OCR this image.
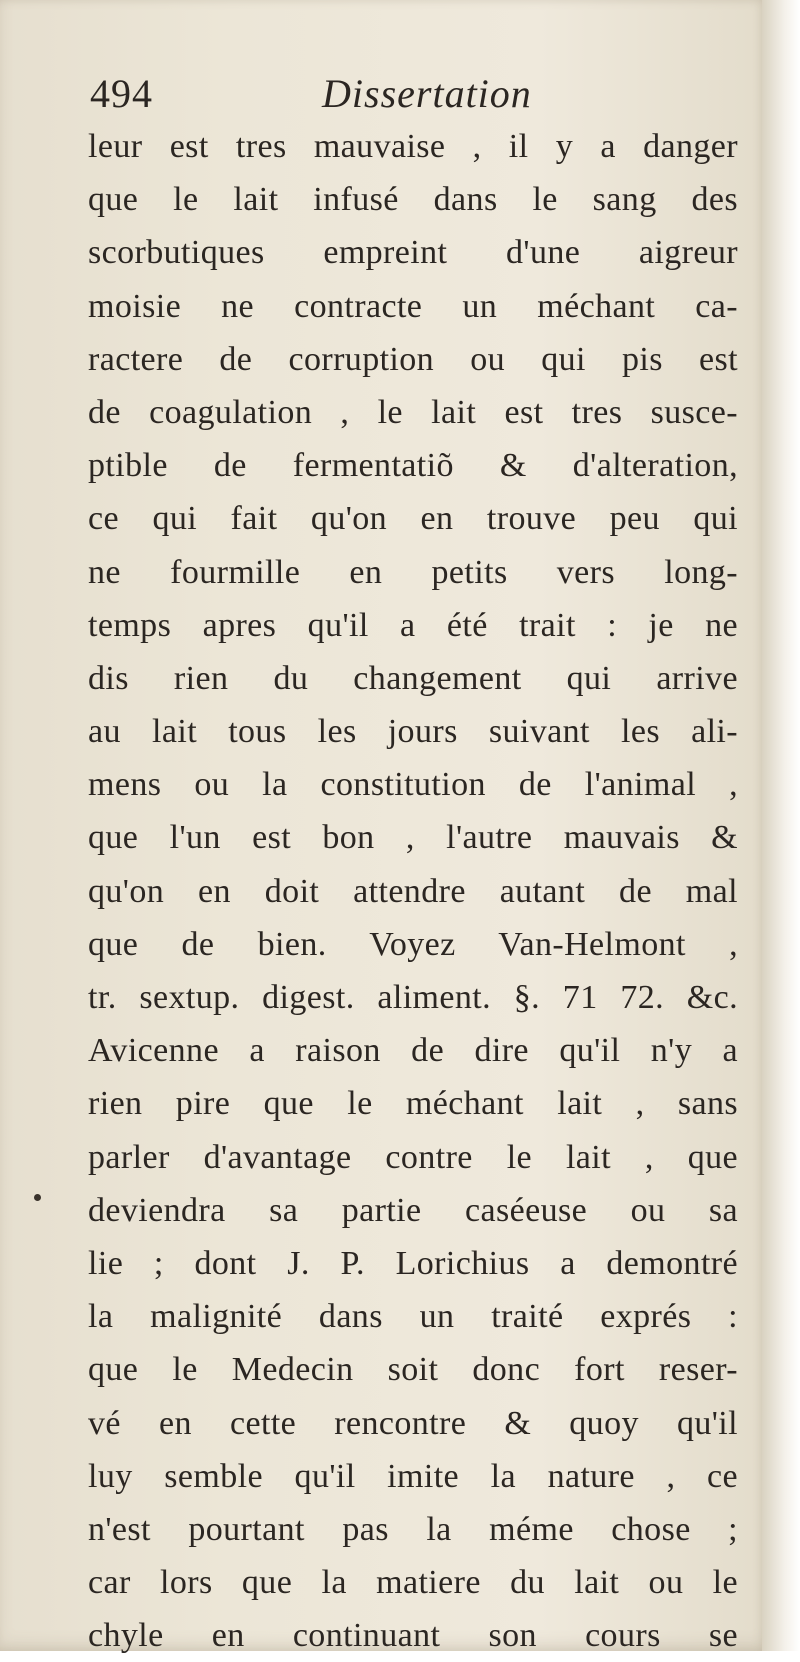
494	Dissertation
leur est tres mauvaise , il y a danger
que le lait infusé dans le sang des
scorbutiques empreint d'une aigreur
moisie ne contracte un méchant ca-
ractere de corruption ou qui pis est
de coagulation , le lait est tres susce-
ptible de fermentatiõ & d'alteration,
ce qui fait qu'on en trouve peu qui
ne fourmille en petits vers long-
temps apres qu'il a été trait : je ne
dis rien du changement qui arrive
au lait tous les jours suivant les ali-
mens ou la constitution de l'animal ,
que l'un est bon , l'autre mauvais &
qu'on en doit attendre autant de mal
que de bien. Voyez Van-Helmont ,
tr. sextup. digest. aliment. §. 71 72. &c.
Avicenne a raison de dire qu'il n'y a
rien pire que le méchant lait , sans
parler d'avantage contre le lait , que
deviendra sa partie caséeuse ou sa
lie ; dont J. P. Lorichius a demontré
la malignité dans un traité exprés :
que le Medecin soit donc fort reser-
vé en cette rencontre & quoy qu'il
luy semble qu'il imite la nature , ce
n'est pourtant pas la méme chose ;
car lors que la matiere du lait ou le
chyle en continuant son cours se
